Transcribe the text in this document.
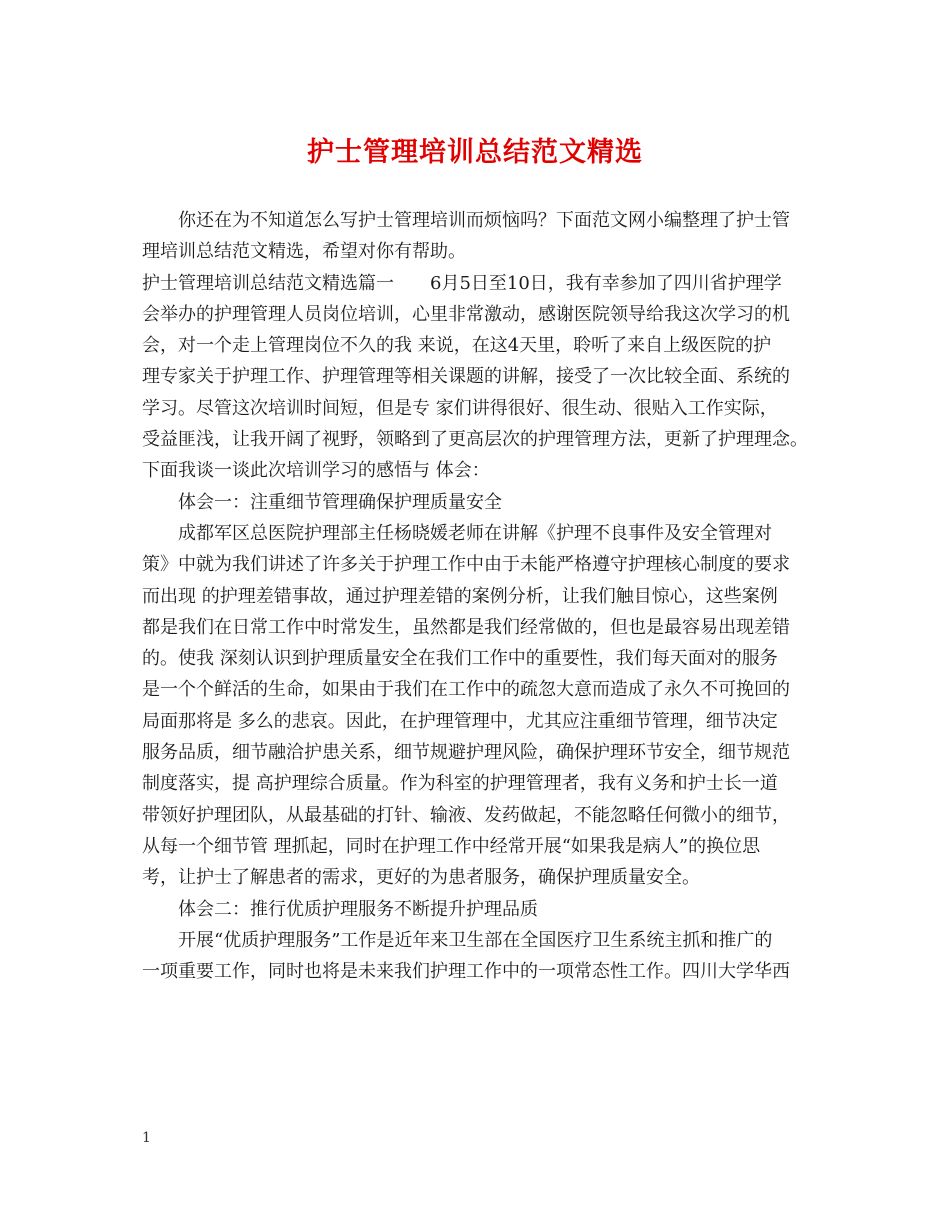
护士管理培训总结范文精选
你还在为不知道怎么写护士管理培训而烦恼吗？下面范文网小编整理了护士管
理培训总结范文精选，希望对你有帮助。
护士管理培训总结范文精选篇一　　6月5日至10日，我有幸参加了四川省护理学
会举办的护理管理人员岗位培训，心里非常激动，感谢医院领导给我这次学习的机
会，对一个走上管理岗位不久的我 来说，在这4天里，聆听了来自上级医院的护
理专家关于护理工作、护理管理等相关课题的讲解，接受了一次比较全面、系统的
学习。尽管这次培训时间短，但是专 家们讲得很好、很生动、很贴入工作实际，
受益匪浅，让我开阔了视野，领略到了更高层次的护理管理方法，更新了护理理念。
下面我谈一谈此次培训学习的感悟与 体会：
体会一：注重细节管理确保护理质量安全
成都军区总医院护理部主任杨晓媛老师在讲解《护理不良事件及安全管理对
策》中就为我们讲述了许多关于护理工作中由于未能严格遵守护理核心制度的要求
而出现 的护理差错事故，通过护理差错的案例分析，让我们触目惊心，这些案例
都是我们在日常工作中时常发生，虽然都是我们经常做的，但也是最容易出现差错
的。使我 深刻认识到护理质量安全在我们工作中的重要性，我们每天面对的服务
是一个个鲜活的生命，如果由于我们在工作中的疏忽大意而造成了永久不可挽回的
局面那将是 多么的悲哀。因此，在护理管理中，尤其应注重细节管理，细节决定
服务品质，细节融洽护患关系，细节规避护理风险，确保护理环节安全，细节规范
制度落实，提 高护理综合质量。作为科室的护理管理者，我有义务和护士长一道
带领好护理团队，从最基础的打针、输液、发药做起，不能忽略任何微小的细节，
从每一个细节管 理抓起，同时在护理工作中经常开展“如果我是病人”的换位思
考，让护士了解患者的需求，更好的为患者服务，确保护理质量安全。
体会二：推行优质护理服务不断提升护理品质
开展“优质护理服务”工作是近年来卫生部在全国医疗卫生系统主抓和推广的
一项重要工作，同时也将是未来我们护理工作中的一项常态性工作。四川大学华西
1
